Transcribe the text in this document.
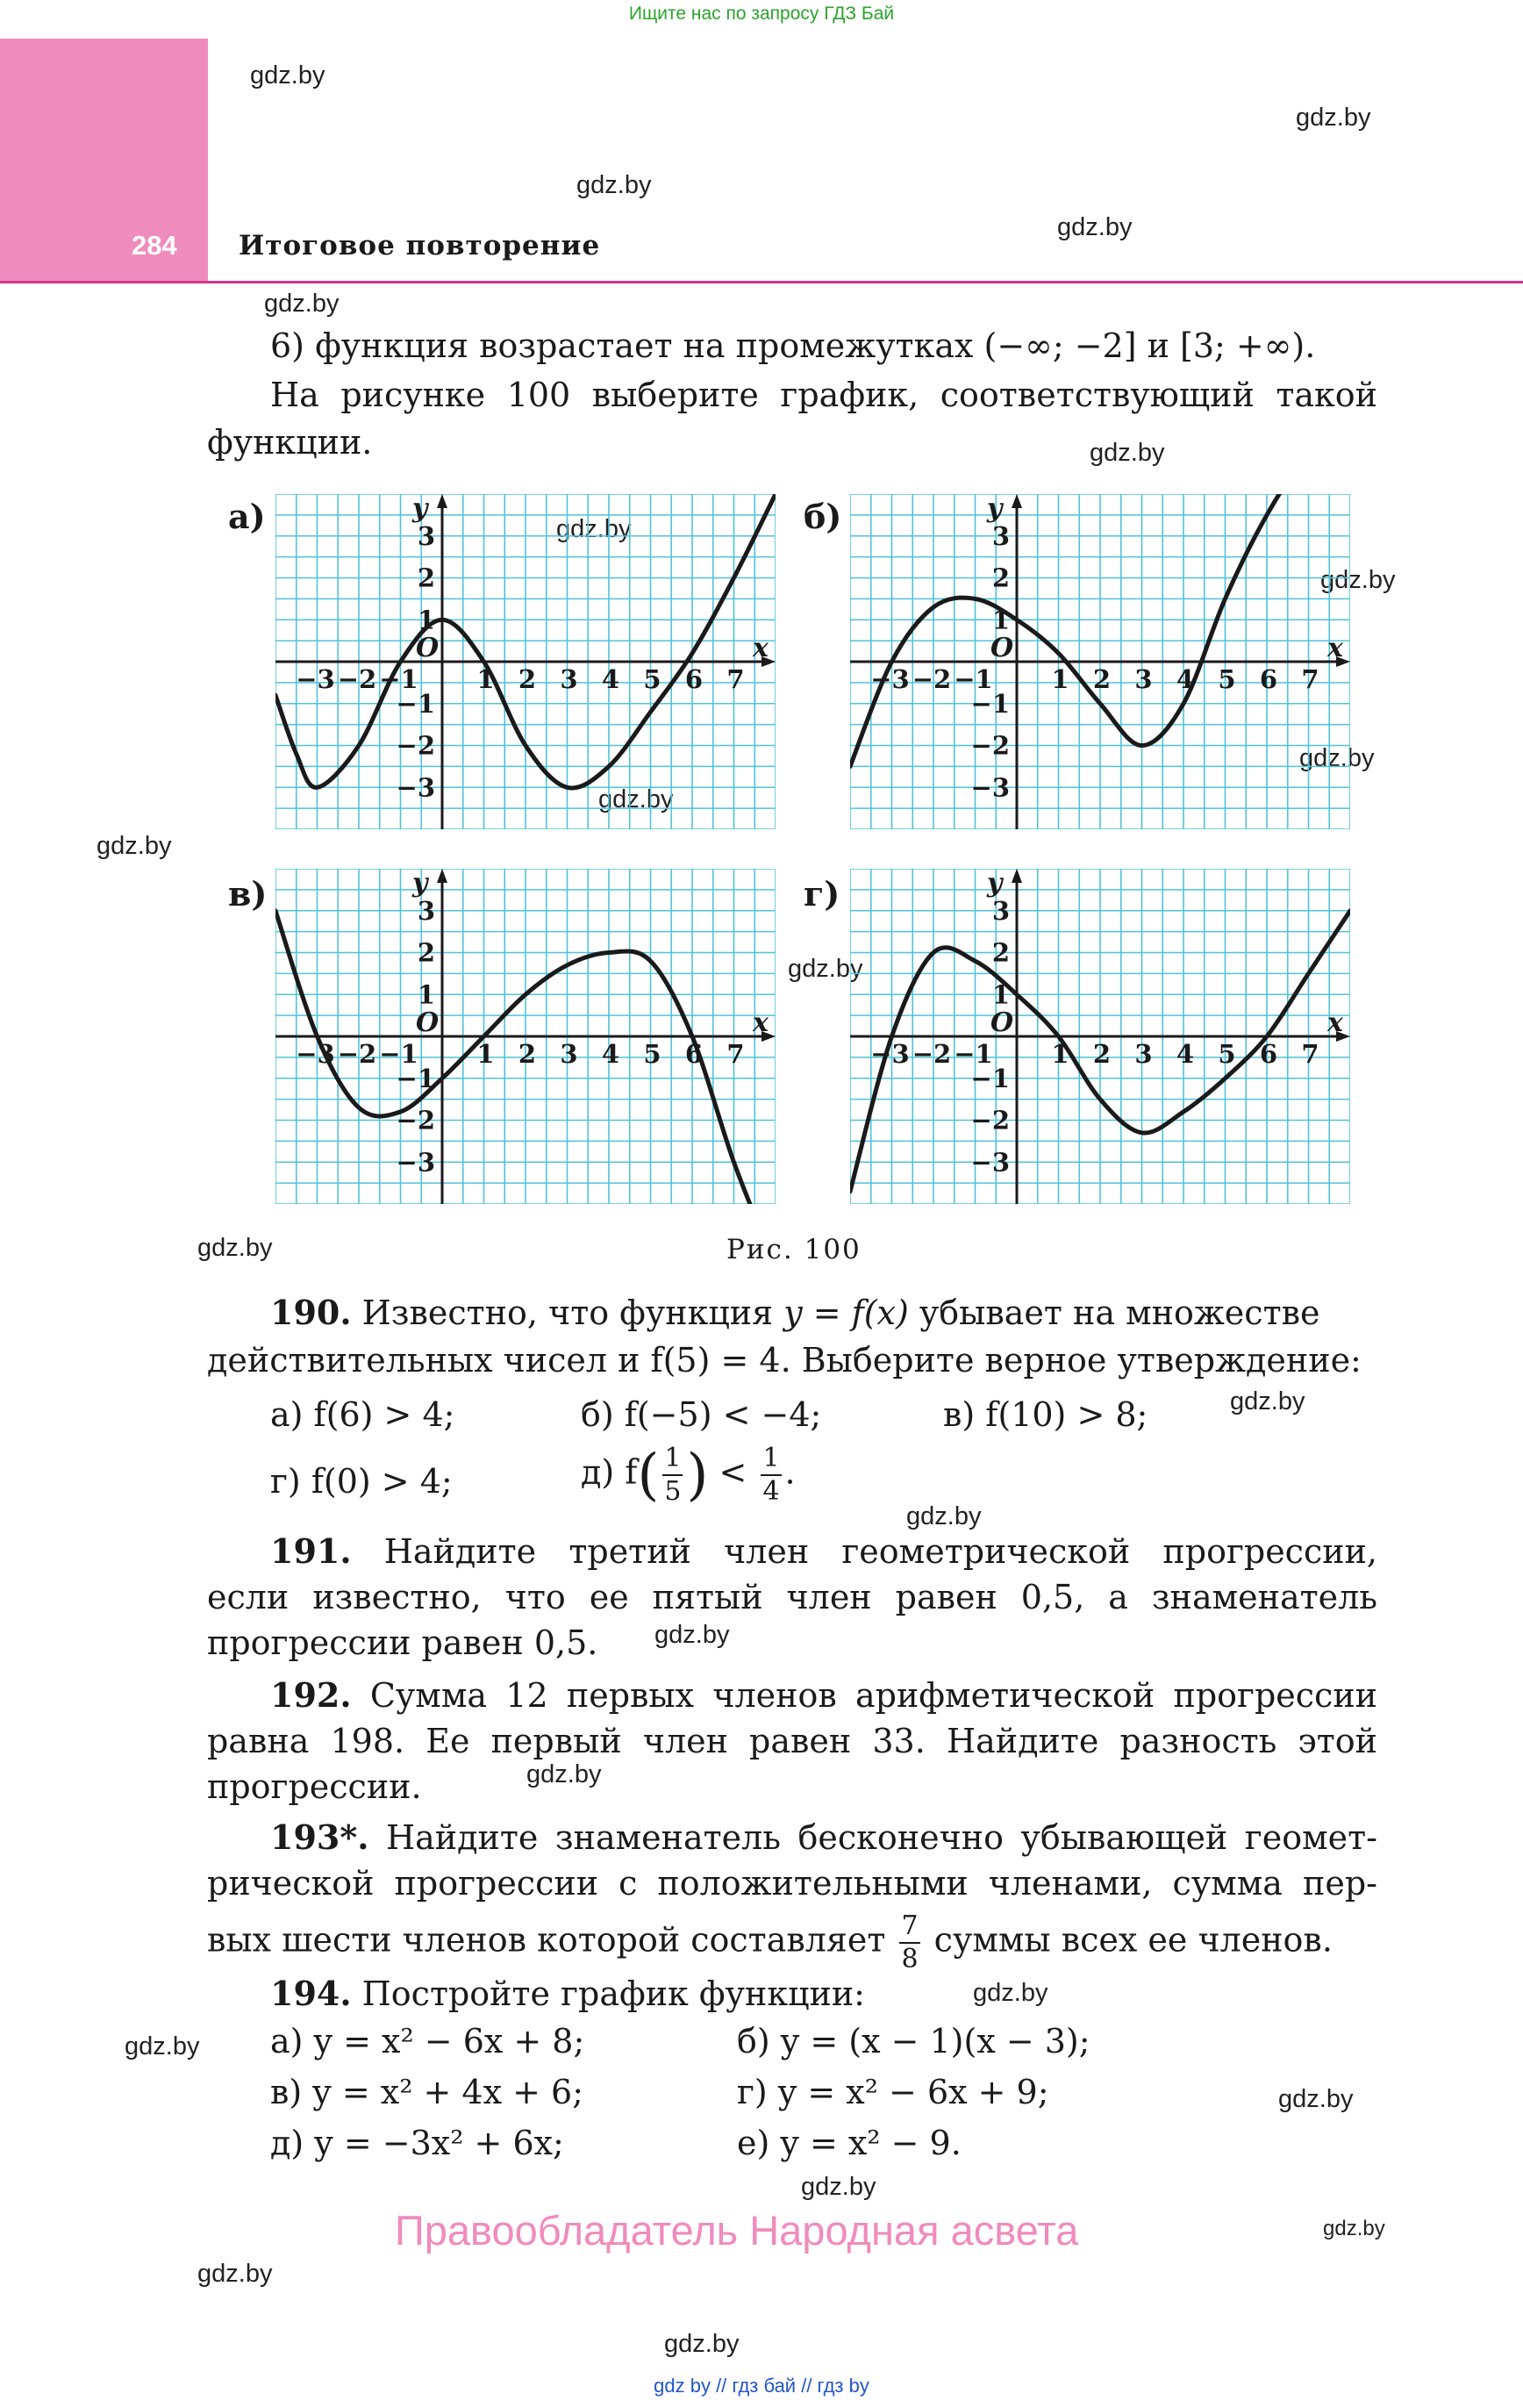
Ищите нас по запросу ГДЗ Бай
284 Итоговое повторение
gdz.by
gdz.by
gdz.by
gdz.by
gdz.by
gdz.by
gdz.by
gdz.by
gdz.by
gdz.by
gdz.by
gdz.by
gdz.by
gdz.by
gdz.by
gdz.by
gdz.by
gdz.by
gdz.by
gdz.by
gdz.by
gdz.by
gdz.by
gdz.by
6) функция возрастает на промежутках (−∞; −2] и [3; +∞).
На рисунке 100 выберите график, соответствующий такой
функции.
а)	б)
в)	г)
−3 −2 −1 1 2 3 4 5 6 7
3
2
1
−1
−2
−3
O	x
y
−3 −2 −1 1 2 3 4 5 6 7
3
2
1
−1
−2
−3
O	x
y
−3 −2 −1 1 2 3 4 5 6 7
3
2
1
−1
−2
−3
O	x
y
−3 −2 −1 1 2 3 4 5 6 7
3
2
1
−1
−2
−3
O	x
y
Рис. 100
190. Известно, что функция y = f(x) убывает на множестве
действительных чисел и f(5) = 4. Выберите верное утверждение:
а) f(6) > 4;	б) f(−5) < −4;	в) f(10) > 8;
г) f(0) > 4;	д) $f( \frac{1}{5}$ ) < $\frac{1}{4}$ .
191. Найдите третий член геометрической прогрессии,
если известно, что ее пятый член равен 0,5, а знаменатель
прогрессии равен 0,5.
192. Сумма 12 первых членов арифметической прогрессии
равна 198. Ее первый член равен 33. Найдите разность этой
прогрессии.
193*. Найдите знаменатель бесконечно убывающей геомет-
рической прогрессии с положительными членами, сумма пер-
вых шести членов которой составляет $\frac{7}{8}$ суммы всех ее членов.
194. Постройте график функции:
а) y = x² − 6x + 8;	б) y = (x − 1)(x − 3);
в) y = x² + 4x + 6;	г) y = x² − 6x + 9;
д) y = −3x² + 6x;	е) y = x² − 9.
Правообладатель Народная асвета
gdz by // гдз бай // гдз by
